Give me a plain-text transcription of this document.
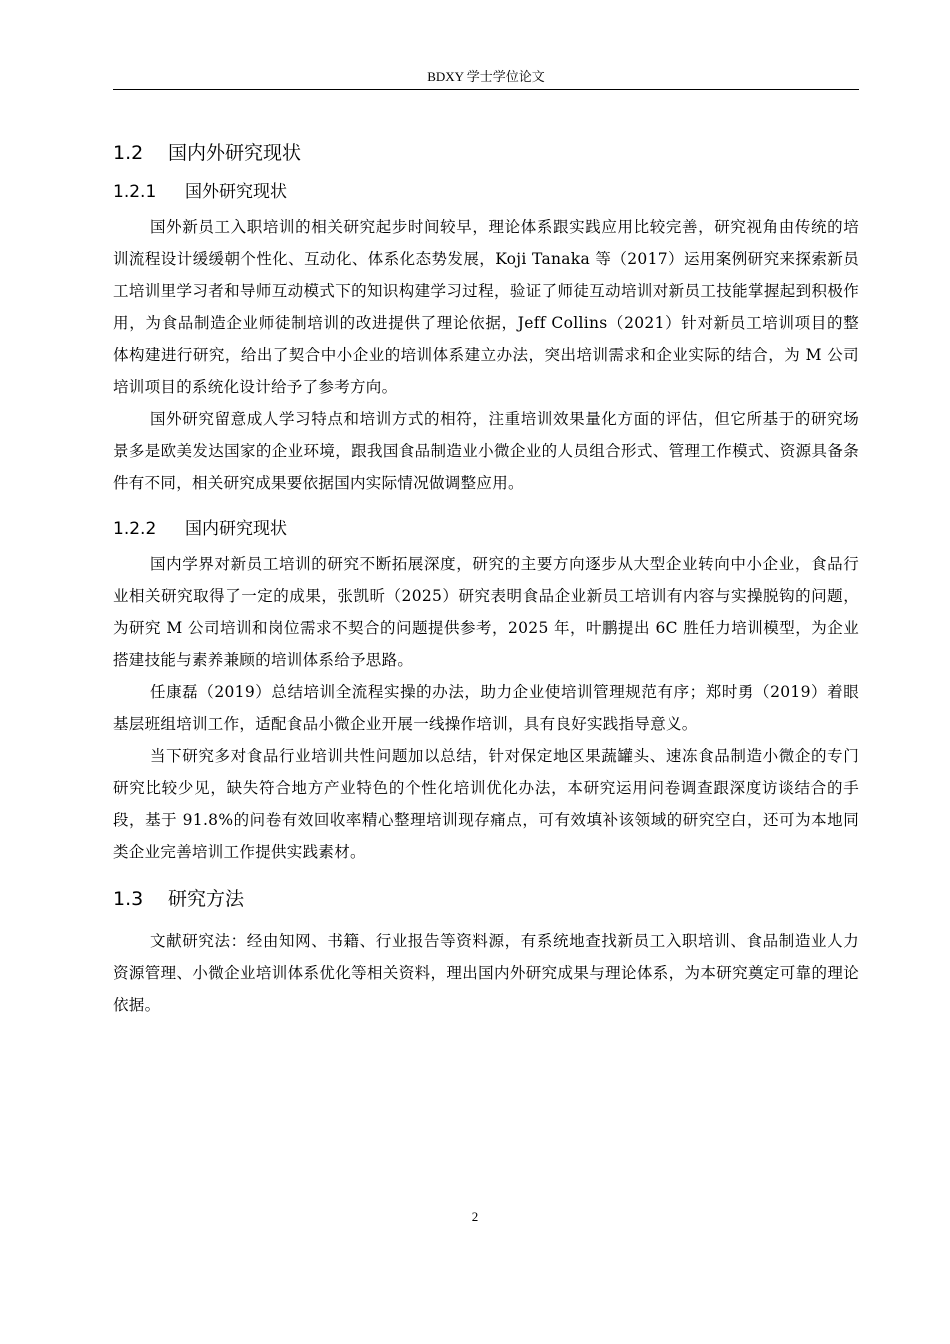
BDXY 学士学位论文
1.2	国内外研究现状
1.2.1	国外研究现状

国外新员工入职培训的相关研究起步时间较早，理论体系跟实践应用比较完善，研究视角由传统的培训流程设计缓缓朝个性化、互动化、体系化态势发展，Koji Tanaka 等（2017）运用案例研究来探索新员工培训里学习者和导师互动模式下的知识构建学习过程，验证了师徒互动培训对新员工技能掌握起到积极作用，为食品制造企业师徒制培训的改进提供了理论依据，Jeff Collins（2021）针对新员工培训项目的整体构建进行研究，给出了契合中小企业的培训体系建立办法，突出培训需求和企业实际的结合，为 M 公司培训项目的系统化设计给予了参考方向。

国外研究留意成人学习特点和培训方式的相符，注重培训效果量化方面的评估，但它所基于的研究场景多是欧美发达国家的企业环境，跟我国食品制造业小微企业的人员组合形式、管理工作模式、资源具备条件有不同，相关研究成果要依据国内实际情况做调整应用。

1.2.2	国内研究现状

国内学界对新员工培训的研究不断拓展深度，研究的主要方向逐步从大型企业转向中小企业，食品行业相关研究取得了一定的成果，张凯昕（2025）研究表明食品企业新员工培训有内容与实操脱钩的问题，为研究 M 公司培训和岗位需求不契合的问题提供参考，2025 年，叶鹏提出 6C 胜任力培训模型，为企业搭建技能与素养兼顾的培训体系给予思路。

任康磊（2019）总结培训全流程实操的办法，助力企业使培训管理规范有序；郑时勇（2019）着眼基层班组培训工作，适配食品小微企业开展一线操作培训，具有良好实践指导意义。

当下研究多对食品行业培训共性问题加以总结，针对保定地区果蔬罐头、速冻食品制造小微企的专门研究比较少见，缺失符合地方产业特色的个性化培训优化办法，本研究运用问卷调查跟深度访谈结合的手段，基于 91.8%的问卷有效回收率精心整理培训现存痛点，可有效填补该领域的研究空白，还可为本地同类企业完善培训工作提供实践素材。

1.3	研究方法

文献研究法：经由知网、书籍、行业报告等资料源，有系统地查找新员工入职培训、食品制造业人力资源管理、小微企业培训体系优化等相关资料，理出国内外研究成果与理论体系，为本研究奠定可靠的理论依据。

2
